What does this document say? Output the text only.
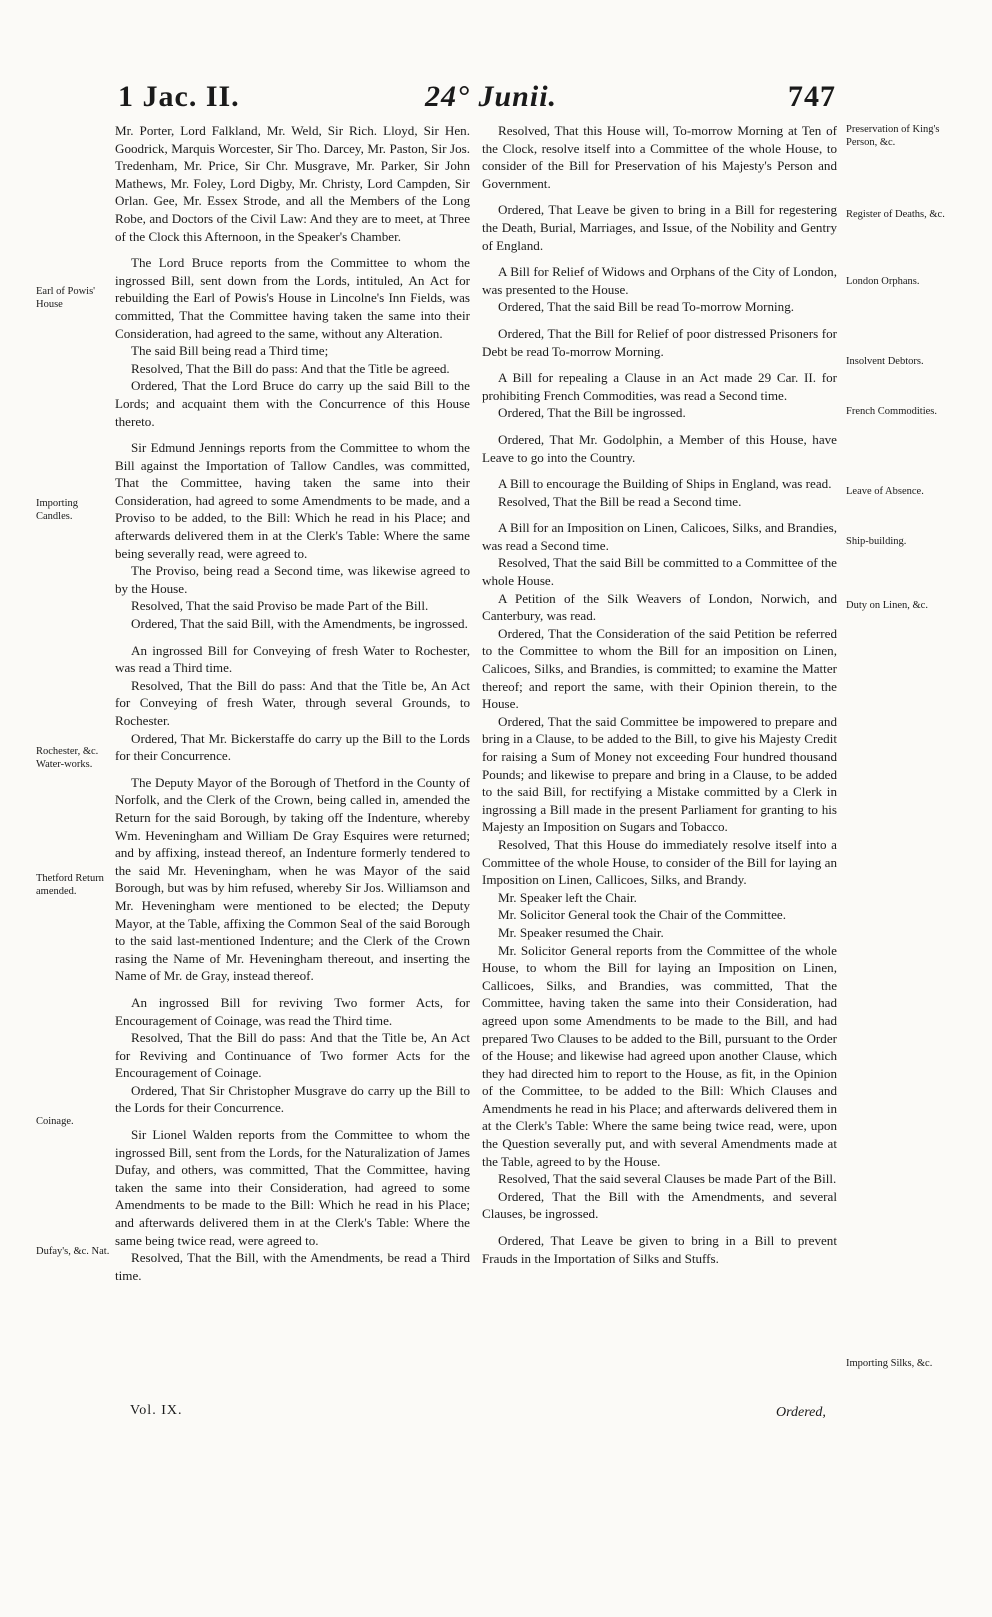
1 Jac. II.	24° Junii.	747

Mr. Porter, Lord Falkland, Mr. Weld, Sir Rich. Lloyd, Sir Hen. Goodrick, Marquis Worcester, Sir Tho. Darcey, Mr. Paston, Sir Jos. Tredenham, Mr. Price, Sir Chr. Musgrave, Mr. Parker, Sir John Mathews, Mr. Foley, Lord Digby, Mr. Christy, Lord Campden, Sir Orlan. Gee, Mr. Essex Strode, and all the Members of the Long Robe, and Doctors of the Civil Law: And they are to meet, at Three of the Clock this Afternoon, in the Speaker's Chamber.

The Lord Bruce reports from the Committee to whom the ingrossed Bill, sent down from the Lords, intituled, An Act for rebuilding the Earl of Powis's House in Lincolne's Inn Fields, was committed, That the Committee having taken the same into their Consideration, had agreed to the same, without any Alteration.

The said Bill being read a Third time;

Resolved, That the Bill do pass: And that the Title be agreed.

Ordered, That the Lord Bruce do carry up the said Bill to the Lords; and acquaint them with the Concurrence of this House thereto.

Sir Edmund Jennings reports from the Committee to whom the Bill against the Importation of Tallow Candles, was committed, That the Committee, having taken the same into their Consideration, had agreed to some Amendments to be made, and a Proviso to be added, to the Bill: Which he read in his Place; and afterwards delivered them in at the Clerk's Table: Where the same being severally read, were agreed to.

The Proviso, being read a Second time, was likewise agreed to by the House.

Resolved, That the said Proviso be made Part of the Bill.

Ordered, That the said Bill, with the Amendments, be ingrossed.

An ingrossed Bill for Conveying of fresh Water to Rochester, was read a Third time.

Resolved, That the Bill do pass: And that the Title be, An Act for Conveying of fresh Water, through several Grounds, to Rochester.

Ordered, That Mr. Bickerstaffe do carry up the Bill to the Lords for their Concurrence.

The Deputy Mayor of the Borough of Thetford in the County of Norfolk, and the Clerk of the Crown, being called in, amended the Return for the said Borough, by taking off the Indenture, whereby Wm. Heveningham and William De Gray Esquires were returned; and by affixing, instead thereof, an Indenture formerly tendered to the said Mr. Heveningham, when he was Mayor of the said Borough, but was by him refused, whereby Sir Jos. Williamson and Mr. Heveningham were mentioned to be elected; the Deputy Mayor, at the Table, affixing the Common Seal of the said Borough to the said last-mentioned Indenture; and the Clerk of the Crown rasing the Name of Mr. Heveningham thereout, and inserting the Name of Mr. de Gray, instead thereof.

An ingrossed Bill for reviving Two former Acts, for Encouragement of Coinage, was read the Third time.

Resolved, That the Bill do pass: And that the Title be, An Act for Reviving and Continuance of Two former Acts for the Encouragement of Coinage.

Ordered, That Sir Christopher Musgrave do carry up the Bill to the Lords for their Concurrence.

Sir Lionel Walden reports from the Committee to whom the ingrossed Bill, sent from the Lords, for the Naturalization of James Dufay, and others, was committed, That the Committee, having taken the same into their Consideration, had agreed to some Amendments to be made to the Bill: Which he read in his Place; and afterwards delivered them in at the Clerk's Table: Where the same being twice read, were agreed to.

Resolved, That the Bill, with the Amendments, be read a Third time.

Resolved, That this House will, To-morrow Morning at Ten of the Clock, resolve itself into a Committee of the whole House, to consider of the Bill for Preservation of his Majesty's Person and Government.

Ordered, That Leave be given to bring in a Bill for regestering the Death, Burial, Marriages, and Issue, of the Nobility and Gentry of England.

A Bill for Relief of Widows and Orphans of the City of London, was presented to the House.

Ordered, That the said Bill be read To-morrow Morning.

Ordered, That the Bill for Relief of poor distressed Prisoners for Debt be read To-morrow Morning.

A Bill for repealing a Clause in an Act made 29 Car. II. for prohibiting French Commodities, was read a Second time.

Ordered, That the Bill be ingrossed.

Ordered, That Mr. Godolphin, a Member of this House, have Leave to go into the Country.

A Bill to encourage the Building of Ships in England, was read.

Resolved, That the Bill be read a Second time.

A Bill for an Imposition on Linen, Calicoes, Silks, and Brandies, was read a Second time.

Resolved, That the said Bill be committed to a Committee of the whole House.

A Petition of the Silk Weavers of London, Norwich, and Canterbury, was read.

Ordered, That the Consideration of the said Petition be referred to the Committee to whom the Bill for an imposition on Linen, Calicoes, Silks, and Brandies, is committed; to examine the Matter thereof; and report the same, with their Opinion therein, to the House.

Ordered, That the said Committee be impowered to prepare and bring in a Clause, to be added to the Bill, to give his Majesty Credit for raising a Sum of Money not exceeding Four hundred thousand Pounds; and likewise to prepare and bring in a Clause, to be added to the said Bill, for rectifying a Mistake committed by a Clerk in ingrossing a Bill made in the present Parliament for granting to his Majesty an Imposition on Sugars and Tobacco.

Resolved, That this House do immediately resolve itself into a Committee of the whole House, to consider of the Bill for laying an Imposition on Linen, Callicoes, Silks, and Brandy.

Mr. Speaker left the Chair.

Mr. Solicitor General took the Chair of the Committee.

Mr. Speaker resumed the Chair.

Mr. Solicitor General reports from the Committee of the whole House, to whom the Bill for laying an Imposition on Linen, Callicoes, Silks, and Brandies, was committed, That the Committee, having taken the same into their Consideration, had agreed upon some Amendments to be made to the Bill, and had prepared Two Clauses to be added to the Bill, pursuant to the Order of the House; and likewise had agreed upon another Clause, which they had directed him to report to the House, as fit, in the Opinion of the Committee, to be added to the Bill: Which Clauses and Amendments he read in his Place; and afterwards delivered them in at the Clerk's Table: Where the same being twice read, were, upon the Question severally put, and with several Amendments made at the Table, agreed to by the House.

Resolved, That the said several Clauses be made Part of the Bill.

Ordered, That the Bill with the Amendments, and several Clauses, be ingrossed.

Ordered, That Leave be given to bring in a Bill to prevent Frauds in the Importation of Silks and Stuffs.

Earl of Powis' House
Importing Candles.
Rochester, &c. Water-works.
Thetford Return amended.
Coinage.
Dufay's, &c. Nat.
Preservation of King's Person, &c.
Register of Deaths, &c.
London Orphans.
Insolvent Debtors.
French Commodities.
Leave of Absence.
Ship-building.
Duty on Linen, &c.
Importing Silks, &c.
Vol. IX.	Ordered,
